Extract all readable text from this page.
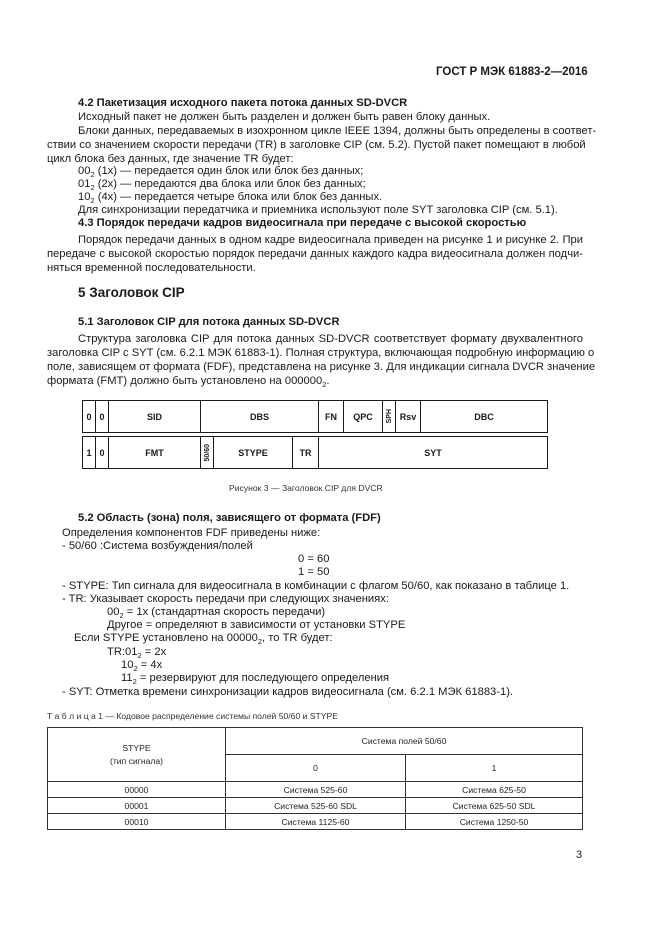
ГОСТ Р МЭК 61883-2—2016
4.2 Пакетизация исходного пакета потока данных SD-DVCR
Исходный пакет не должен быть разделен и должен быть равен блоку данных.
Блоки данных, передаваемых в изохронном цикле IEEE 1394, должны быть определены в соответ-
ствии со значением скорости передачи (TR) в заголовке CIP (см. 5.2). Пустой пакет помещают в любой
цикл блока без данных, где значение TR будет:
$00_2$ (1x) — передается один блок или блок без данных;
$01_2$ (2x) — передаются два блока или блок без данных;
$10_2$ (4x) — передается четыре блока или блок без данных.
Для синхронизации передатчика и приемника используют поле SYT заголовка CIP (см. 5.1).
4.3 Порядок передачи кадров видеосигнала при передаче с высокой скоростью
Порядок передачи данных в одном кадре видеосигнала приведен на рисунке 1 и рисунке 2. При
передаче с высокой скоростью порядок передачи данных каждого кадра видеосигнала должен подчи-
няться временной последовательности.
5 Заголовок CIP
5.1 Заголовок CIP для потока данных SD-DVCR
Структура заголовка CIP для потока данных SD-DVCR соответствует формату двухвалентного
заголовка CIP с SYT (см. 6.2.1 МЭК 61883-1). Полная структура, включающая подробную информацию о
поле, зависящем от формата (FDF), представлена на рисунке 3. Для индикации сигнала DVCR значение
формата (FMT) должно быть установлено на $000000_2$.
0 0	SID	DBS	FN	QPC	SPH Rsv	DBC
1 0	FMT	50/60	STYPE	TR	SYT
Рисунок 3 — Заголовок CIP для DVCR
5.2 Область (зона) поля, зависящего от формата (FDF)
Определения компонентов FDF приведены ниже:
- 50/60 :Система возбуждения/полей
0 = 60
1 = 50
- STYPE: Тип сигнала для видеосигнала в комбинации с флагом 50/60, как показано в таблице 1.
- TR: Указывает скорость передачи при следующих значениях:
$00_2 = 1x$ (стандартная скорость передачи)
Другое = определяют в зависимости от установки STYPE
Если STYPE установлено на $00000_2$, то TR будет:
$TR:01_2 = 2x$
$10_2 = 4x$
$11_2$ = резервируют для последующего определения
- SYT: Отметка времени синхронизации кадров видеосигнала (см. 6.2.1 МЭК 61883-1).
Т а б л и ц а 1 — Кодовое распределение системы полей 50/60 и STYPE
STYPE
(тип сигнала)	Система полей 50/60	
	0	1
00000	Система 525-60	Система 625-50
00001	Система 525-60 SDL	Система 625-50 SDL
00010	Система 1125-60	Система 1250-50
3
